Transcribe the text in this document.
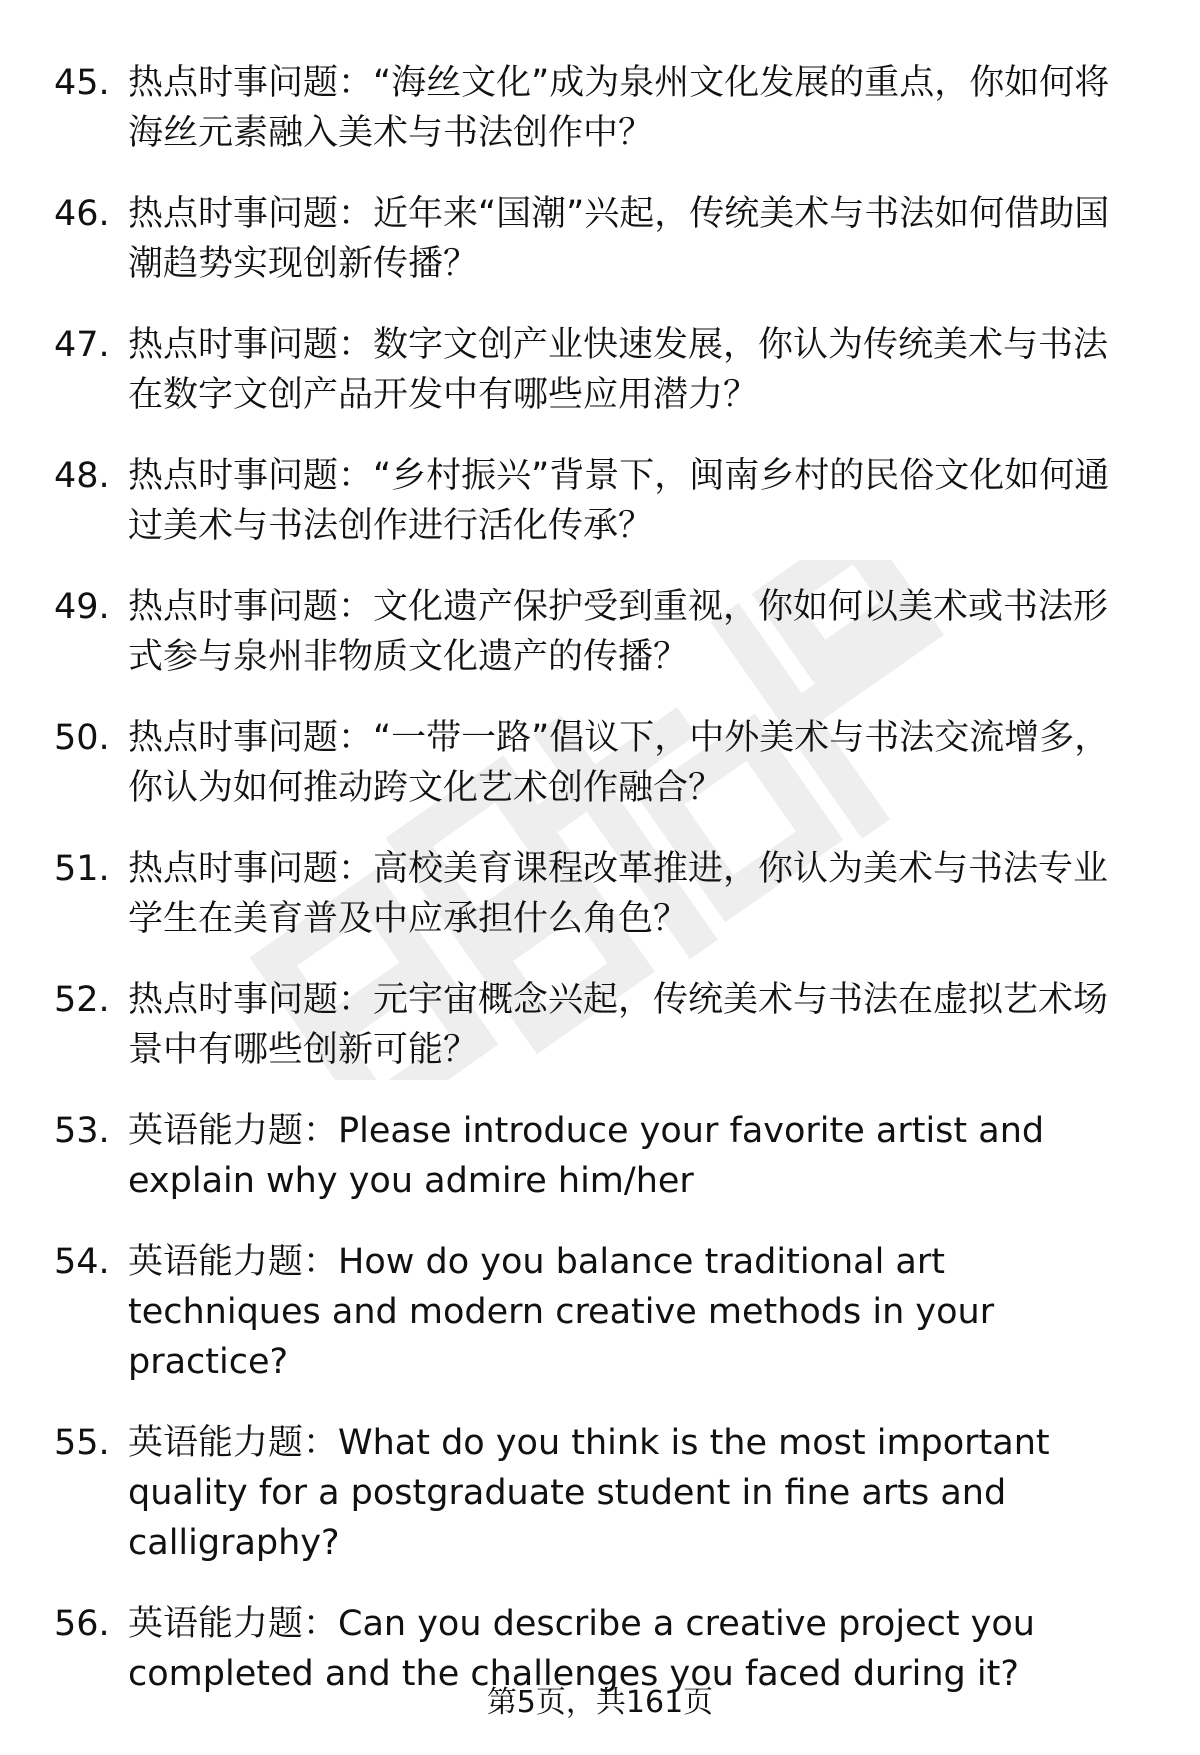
45. 热点时事问题：“海丝文化”成为泉州文化发展的重点，你如何将海丝元素融入美术与书法创作中？
46. 热点时事问题：近年来“国潮”兴起，传统美术与书法如何借助国潮趋势实现创新传播？
47. 热点时事问题：数字文创产业快速发展，你认为传统美术与书法在数字文创产品开发中有哪些应用潜力？
48. 热点时事问题：“乡村振兴”背景下，闽南乡村的民俗文化如何通过美术与书法创作进行活化传承？
49. 热点时事问题：文化遗产保护受到重视，你如何以美术或书法形式参与泉州非物质文化遗产的传播？
50. 热点时事问题：“一带一路”倡议下，中外美术与书法交流增多，你认为如何推动跨文化艺术创作融合？
51. 热点时事问题：高校美育课程改革推进，你认为美术与书法专业学生在美育普及中应承担什么角色？
52. 热点时事问题：元宇宙概念兴起，传统美术与书法在虚拟艺术场景中有哪些创新可能？
53. 英语能力题：Please introduce your favorite artist and explain why you admire him/her
54. 英语能力题：How do you balance traditional art techniques and modern creative methods in your practice?
55. 英语能力题：What do you think is the most important quality for a postgraduate student in fine arts and calligraphy?
56. 英语能力题：Can you describe a creative project you completed and the challenges you faced during it?
第5页，共161页
